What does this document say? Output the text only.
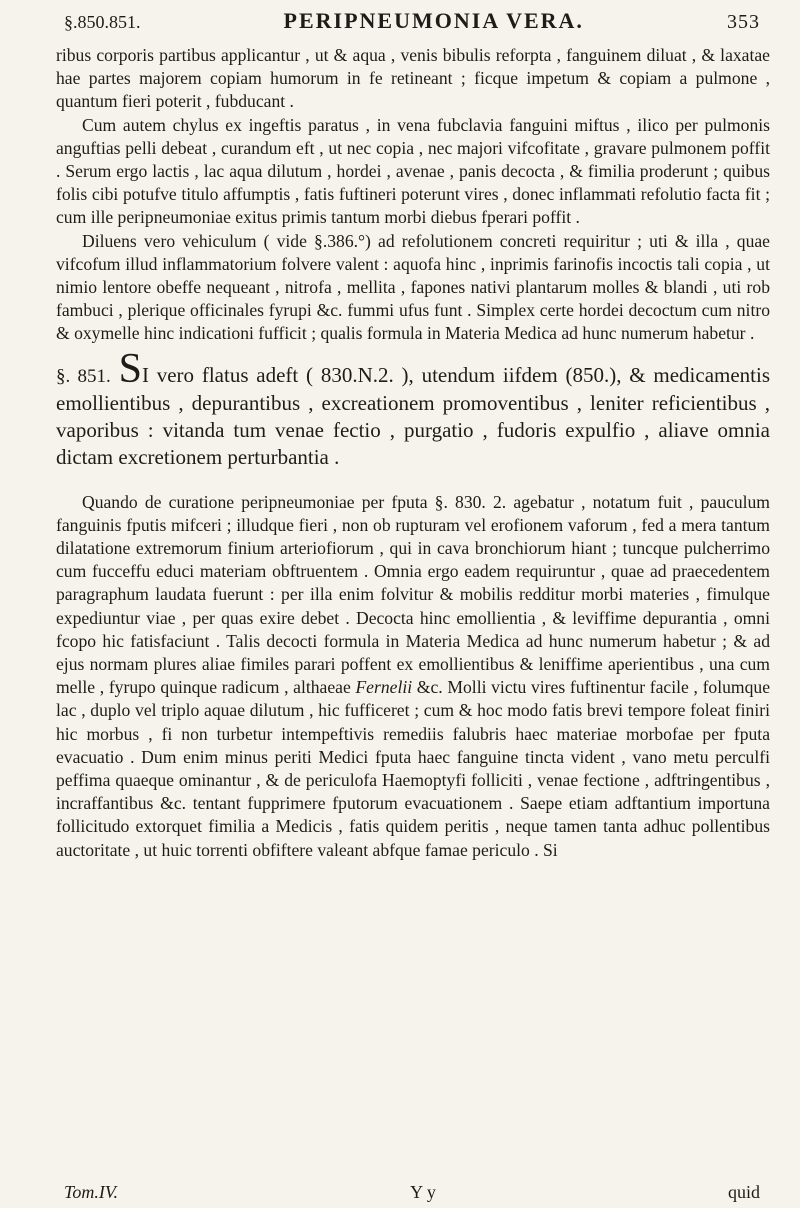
§.850.851.	PERIPNEUMONIA VERA.	353

ribus corporis partibus applicantur , ut & aqua , venis bibulis reforpta , fanguinem diluat , & laxatae hae partes majorem copiam humorum in fe retineant ; ficque impetum & copiam a pulmone , quantum fieri poterit , fubducant .

Cum autem chylus ex ingeftis paratus , in vena fubclavia fanguini miftus , ilico per pulmonis anguftias pelli debeat , curandum eft , ut nec copia , nec majori vifcofitate , gravare pulmonem poffit . Serum ergo lactis , lac aqua dilutum , hordei , avenae , panis decocta , & fimilia proderunt ; quibus folis cibi potufve titulo affumptis , fatis fuftineri poterunt vires , donec inflammati refolutio facta fit ; cum ille peripneumoniae exitus primis tantum morbi diebus fperari poffit .

Diluens vero vehiculum ( vide §.386.°) ad refolutionem concreti requiritur ; uti & illa , quae vifcofum illud inflammatorium folvere valent : aquofa hinc , inprimis farinofis incoctis tali copia , ut nimio lentore obeffe nequeant , nitrofa , mellita , fapones nativi plantarum molles & blandi , uti rob fambuci , plerique officinales fyrupi &c. fummi ufus funt . Simplex certe hordei decoctum cum nitro & oxymelle hinc indicationi fufficit ; qualis formula in Materia Medica ad hunc numerum habetur .

§. 851. SI vero flatus adeft ( 830.N.2. ), utendum iifdem (850.), & medicamentis emollientibus , depurantibus , excreationem promoventibus , leniter reficientibus , vaporibus : vitanda tum venae fectio , purgatio , fudoris expulfio , aliave omnia dictam excretionem perturbantia .

Quando de curatione peripneumoniae per fputa §. 830. 2. agebatur , notatum fuit , pauculum fanguinis fputis mifceri ; illudque fieri , non ob rupturam vel erofionem vaforum , fed a mera tantum dilatatione extremorum finium arteriofiorum , qui in cava bronchiorum hiant ; tuncque pulcherrimo cum fucceffu educi materiam obftruentem . Omnia ergo eadem requiruntur , quae ad praecedentem paragraphum laudata fuerunt : per illa enim folvitur & mobilis redditur morbi materies , fimulque expediuntur viae , per quas exire debet . Decocta hinc emollientia , & leviffime depurantia , omni fcopo hic fatisfaciunt . Talis decocti formula in Materia Medica ad hunc numerum habetur ; & ad ejus normam plures aliae fimiles parari poffent ex emollientibus & leniffime aperientibus , una cum melle , fyrupo quinque radicum , althaeae Fernelii &c. Molli victu vires fuftinentur facile , folumque lac , duplo vel triplo aquae dilutum , hic fufficeret ; cum & hoc modo fatis brevi tempore foleat finiri hic morbus , fi non turbetur intempeftivis remediis falubris haec materiae morbofae per fputa evacuatio . Dum enim minus periti Medici fputa haec fanguine tincta vident , vano metu perculfi peffima quaeque ominantur , & de periculofa Haemoptyfi folliciti , venae fectione , adftringentibus , incraffantibus &c. tentant fupprimere fputorum evacuationem . Saepe etiam adftantium importuna follicitudo extorquet fimilia a Medicis , fatis quidem peritis , neque tamen tanta adhuc pollentibus auctoritate , ut huic torrenti obfiftere valeant abfque famae periculo . Si

Tom.IV.	Y y	quid
